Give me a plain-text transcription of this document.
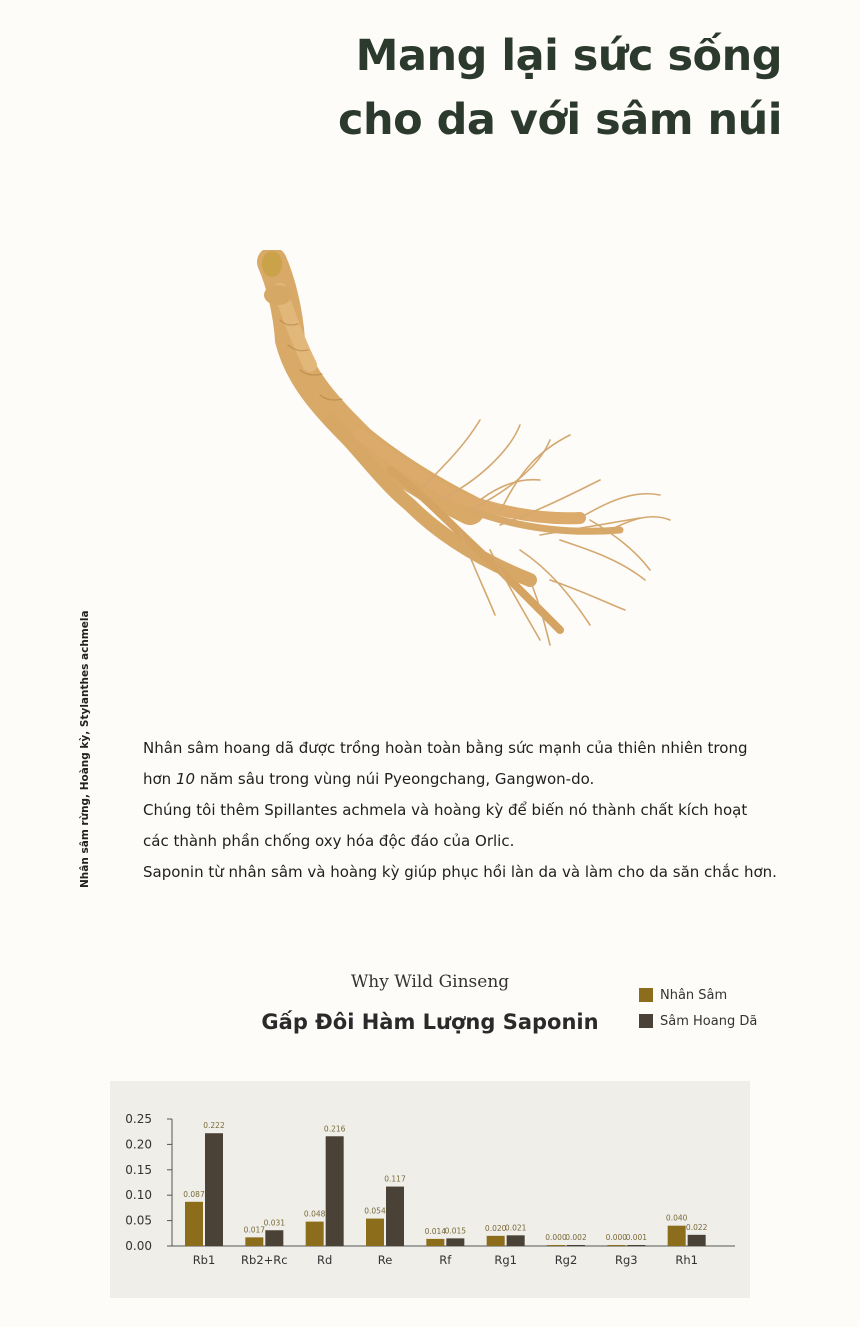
Mang lại sức sống
cho da với sâm núi
Nhân sâm rừng, Hoàng kỳ, Stylanthes achmela	Nhân sâm hoang dã được trồng hoàn toàn bằng sức mạnh của thiên nhiên trong

hơn 10 năm sâu trong vùng núi Pyeongchang, Gangwon-do.

Chúng tôi thêm Spillantes achmela và hoàng kỳ để biến nó thành chất kích hoạt

các thành phần chống oxy hóa độc đáo của Orlic.

Saponin từ nhân sâm và hoàng kỳ giúp phục hồi làn da và làm cho da săn chắc hơn.

Why Wild Ginseng
Gấp Đôi Hàm Lượng Saponin
Nhân Sâm
Sâm Hoang Dã
0.00
0.05
0.10
0.15
0.20
0.25
0.087
0.222
Rb1
0.017
0.031
Rb2+Rc
0.048
0.216
Rd
0.054
0.117
Re
0.014
0.015
Rf
0.020
0.021
Rg1
0.000
0.002
Rg2
0.000
0.001
Rg3
0.040
0.022
Rh1
